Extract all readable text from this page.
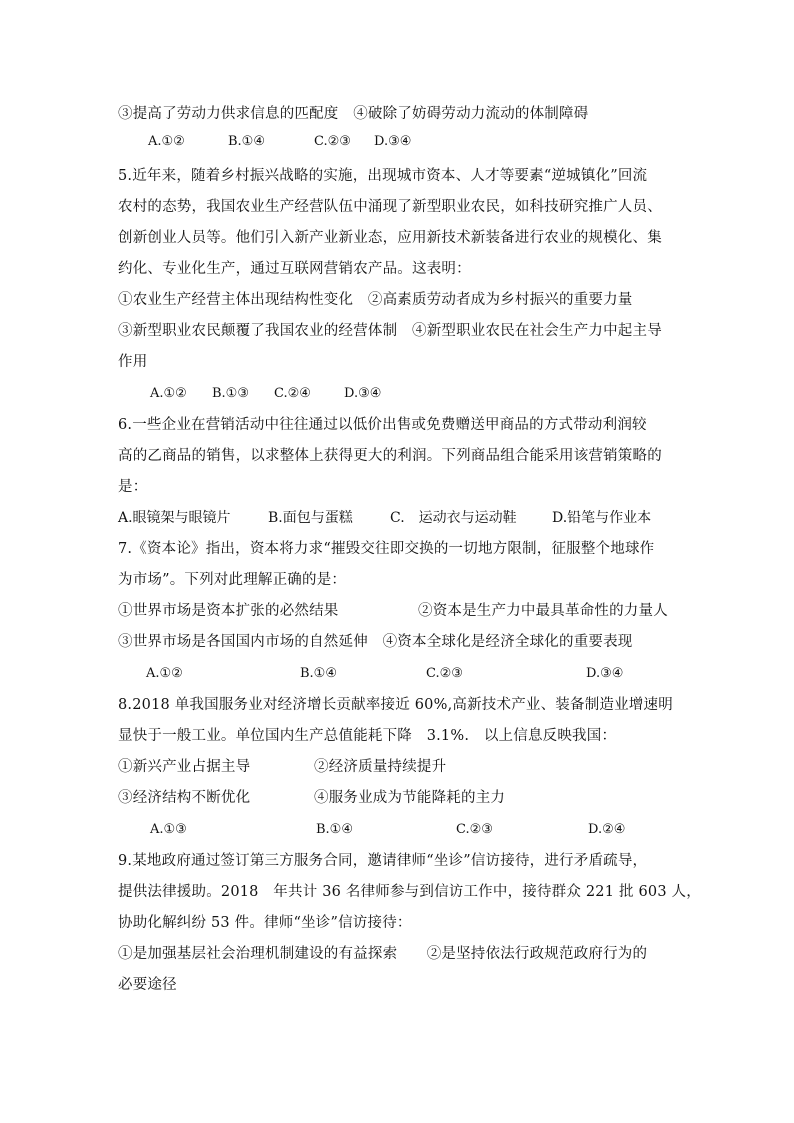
③提高了劳动力供求信息的匹配度　④破除了妨碍劳动力流动的体制障碍
A.①②	B.①④	C.②③ D.③④
5.近年来，随着乡村振兴战略的实施，出现城市资本、人才等要素“逆城镇化”回流
农村的态势，我国农业生产经营队伍中涌现了新型职业农民，如科技研究推广人员、
创新创业人员等。他们引入新产业新业态，应用新技术新装备进行农业的规模化、集
约化、专业化生产，通过互联网营销农产品。这表明：
①农业生产经营主体出现结构性变化　②高素质劳动者成为乡村振兴的重要力量
③新型职业农民颠覆了我国农业的经营体制　④新型职业农民在社会生产力中起主导
作用
A.①② B.①③ C.②④	D.③④
6.一些企业在营销活动中往往通过以低价出售或免费赠送甲商品的方式带动利润较
高的乙商品的销售，以求整体上获得更大的利润。下列商品组合能采用该营销策略的
是：
A.眼镜架与眼镜片	B.面包与蛋糕	C.　运动衣与运动鞋	D.铅笔与作业本
7.《资本论》指出，资本将力求“摧毁交往即交换的一切地方限制，征服整个地球作
为市场”。下列对此理解正确的是：
①世界市场是资本扩张的必然结果	②资本是生产力中最具革命性的力量人
③世界市场是各国国内市场的自然延伸　④资本全球化是经济全球化的重要表现
A.①②	B.①④	C.②③	D.③④
8.2018 单我国服务业对经济增长贡献率接近 60%,高新技术产业、装备制造业增速明
显快于一般工业。单位国内生产总值能耗下降　3.1%.　以上信息反映我国：
①新兴产业占据主导	②经济质量持续提升
③经济结构不断优化	④服务业成为节能降耗的主力
A.①③	B.①④	C.②③	D.②④
9.某地政府通过签订第三方服务合同，邀请律师“坐诊”信访接待，进行矛盾疏导，
提供法律援助。2018　年共计 36 名律师参与到信访工作中，接待群众 221 批 603 人，
协助化解纠纷 53 件。律师“坐诊”信访接待：
①是加强基层社会治理机制建设的有益探索　　②是坚持依法行政规范政府行为的
必要途径
